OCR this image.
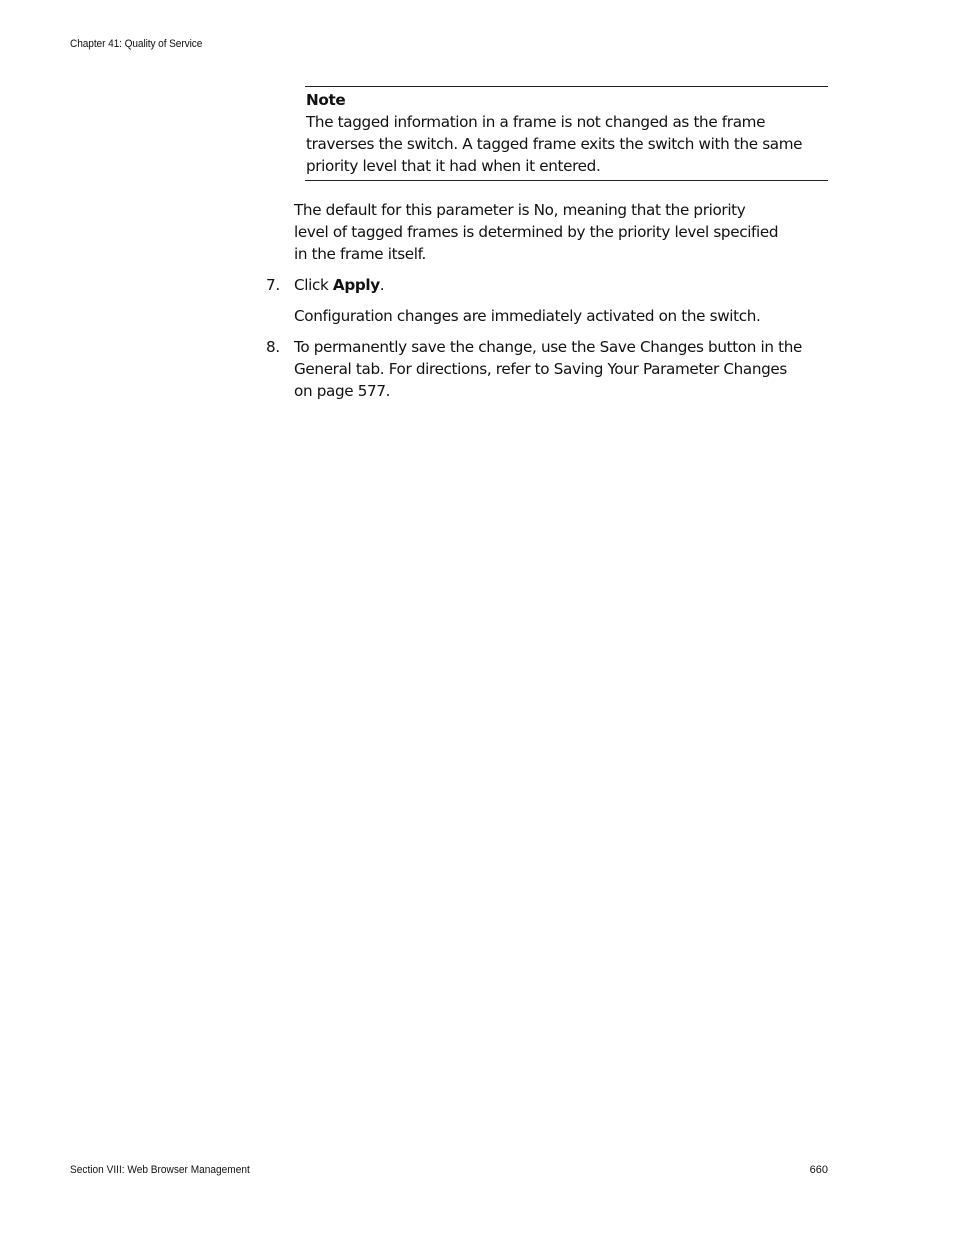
Chapter 41: Quality of Service
Note
The tagged information in a frame is not changed as the frame
traverses the switch. A tagged frame exits the switch with the same
priority level that it had when it entered.
The default for this parameter is No, meaning that the priority
level of tagged frames is determined by the priority level specified
in the frame itself.
7. Click Apply.
Configuration changes are immediately activated on the switch.
8. To permanently save the change, use the Save Changes button in the
General tab. For directions, refer to Saving Your Parameter Changes
on page 577.
Section VIII: Web Browser Management	660
